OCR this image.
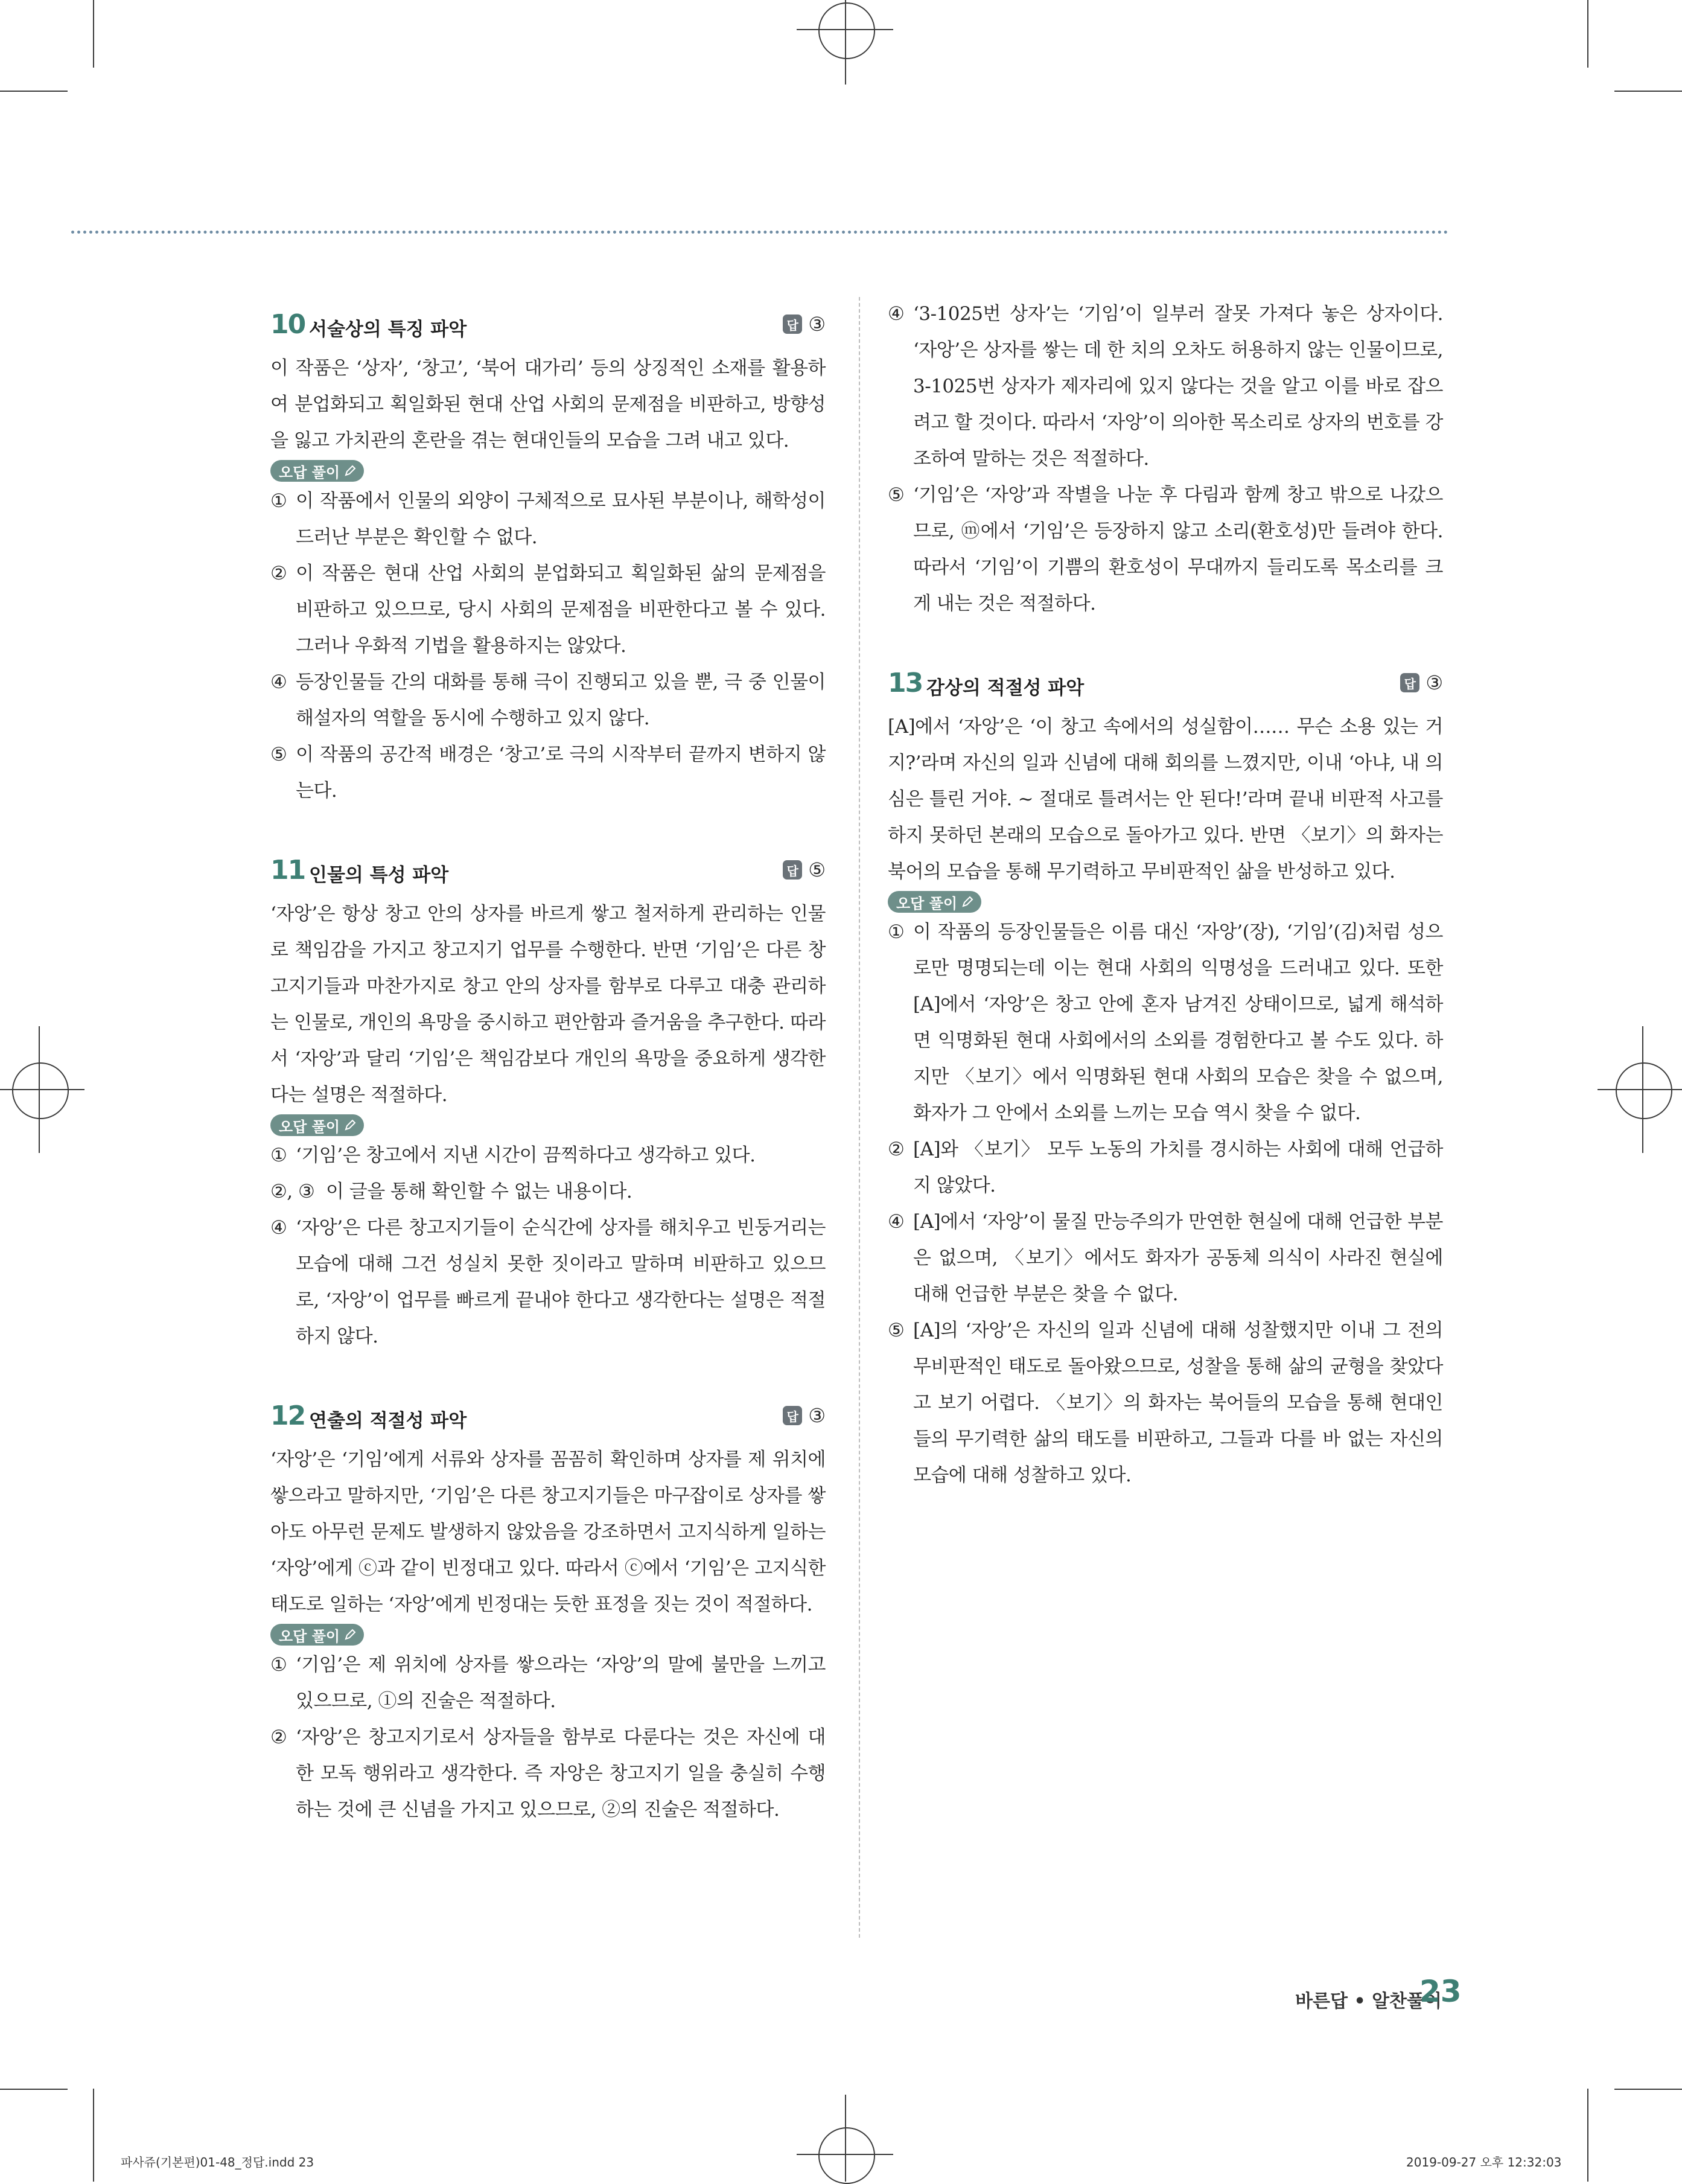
10 서술상의 특징 파악	답 ③

이 작품은 ‘상자’, ‘창고’, ‘북어 대가리’ 등의 상징적인 소재를 활용하여 분업화되고 획일화된 현대 산업 사회의 문제점을 비판하고, 방향성을 잃고 가치관의 혼란을 겪는 현대인들의 모습을 그려 내고 있다.

오답 풀이
① 이 작품에서 인물의 외양이 구체적으로 묘사된 부분이나, 해학성이 드러난 부분은 확인할 수 없다.
② 이 작품은 현대 산업 사회의 분업화되고 획일화된 삶의 문제점을 비판하고 있으므로, 당시 사회의 문제점을 비판한다고 볼 수 있다. 그러나 우화적 기법을 활용하지는 않았다.
④ 등장인물들 간의 대화를 통해 극이 진행되고 있을 뿐, 극 중 인물이 해설자의 역할을 동시에 수행하고 있지 않다.
⑤ 이 작품의 공간적 배경은 ‘창고’로 극의 시작부터 끝까지 변하지 않는다.
11 인물의 특성 파악	답 ⑤

‘자앙’은 항상 창고 안의 상자를 바르게 쌓고 철저하게 관리하는 인물로 책임감을 가지고 창고지기 업무를 수행한다. 반면 ‘기임’은 다른 창고지기들과 마찬가지로 창고 안의 상자를 함부로 다루고 대충 관리하는 인물로, 개인의 욕망을 중시하고 편안함과 즐거움을 추구한다. 따라서 ‘자앙’과 달리 ‘기임’은 책임감보다 개인의 욕망을 중요하게 생각한다는 설명은 적절하다.

오답 풀이
① ‘기임’은 창고에서 지낸 시간이 끔찍하다고 생각하고 있다.
②, ③ 이 글을 통해 확인할 수 없는 내용이다.
④ ‘자앙’은 다른 창고지기들이 순식간에 상자를 해치우고 빈둥거리는 모습에 대해 그건 성실치 못한 짓이라고 말하며 비판하고 있으므로, ‘자앙’이 업무를 빠르게 끝내야 한다고 생각한다는 설명은 적절하지 않다.
12 연출의 적절성 파악	답 ③

‘자앙’은 ‘기임’에게 서류와 상자를 꼼꼼히 확인하며 상자를 제 위치에 쌓으라고 말하지만, ‘기임’은 다른 창고지기들은 마구잡이로 상자를 쌓아도 아무런 문제도 발생하지 않았음을 강조하면서 고지식하게 일하는 ‘자앙’에게 ⓒ과 같이 빈정대고 있다. 따라서 ⓒ에서 ‘기임’은 고지식한 태도로 일하는 ‘자앙’에게 빈정대는 듯한 표정을 짓는 것이 적절하다.

오답 풀이
① ‘기임’은 제 위치에 상자를 쌓으라는 ‘자앙’의 말에 불만을 느끼고 있으므로, ①의 진술은 적절하다.
② ‘자앙’은 창고지기로서 상자들을 함부로 다룬다는 것은 자신에 대한 모독 행위라고 생각한다. 즉 자앙은 창고지기 일을 충실히 수행하는 것에 큰 신념을 가지고 있으므로, ②의 진술은 적절하다.
④ ‘3-1025번 상자’는 ‘기임’이 일부러 잘못 가져다 놓은 상자이다. ‘자앙’은 상자를 쌓는 데 한 치의 오차도 허용하지 않는 인물이므로, 3-1025번 상자가 제자리에 있지 않다는 것을 알고 이를 바로 잡으려고 할 것이다. 따라서 ‘자앙’이 의아한 목소리로 상자의 번호를 강조하여 말하는 것은 적절하다.
⑤ ‘기임’은 ‘자앙’과 작별을 나눈 후 다림과 함께 창고 밖으로 나갔으므로, ⓜ에서 ‘기임’은 등장하지 않고 소리(환호성)만 들려야 한다. 따라서 ‘기임’이 기쁨의 환호성이 무대까지 들리도록 목소리를 크게 내는 것은 적절하다.
13 감상의 적절성 파악	답 ③

[A]에서 ‘자앙’은 ‘이 창고 속에서의 성실함이…… 무슨 소용 있는 거지?’라며 자신의 일과 신념에 대해 회의를 느꼈지만, 이내 ‘아냐, 내 의심은 틀린 거야. ~ 절대로 틀려서는 안 된다!’라며 끝내 비판적 사고를 하지 못하던 본래의 모습으로 돌아가고 있다. 반면 〈보기〉의 화자는 북어의 모습을 통해 무기력하고 무비판적인 삶을 반성하고 있다.

오답 풀이
① 이 작품의 등장인물들은 이름 대신 ‘자앙’(장), ‘기임’(김)처럼 성으로만 명명되는데 이는 현대 사회의 익명성을 드러내고 있다. 또한 [A]에서 ‘자앙’은 창고 안에 혼자 남겨진 상태이므로, 넓게 해석하면 익명화된 현대 사회에서의 소외를 경험한다고 볼 수도 있다. 하지만 〈보기〉에서 익명화된 현대 사회의 모습은 찾을 수 없으며, 화자가 그 안에서 소외를 느끼는 모습 역시 찾을 수 없다.
② [A]와 〈보기〉 모두 노동의 가치를 경시하는 사회에 대해 언급하지 않았다.
④ [A]에서 ‘자앙’이 물질 만능주의가 만연한 현실에 대해 언급한 부분은 없으며, 〈보기〉에서도 화자가 공동체 의식이 사라진 현실에 대해 언급한 부분은 찾을 수 없다.
⑤ [A]의 ‘자앙’은 자신의 일과 신념에 대해 성찰했지만 이내 그 전의 무비판적인 태도로 돌아왔으므로, 성찰을 통해 삶의 균형을 찾았다고 보기 어렵다. 〈보기〉의 화자는 북어들의 모습을 통해 현대인들의 무기력한 삶의 태도를 비판하고, 그들과 다를 바 없는 자신의 모습에 대해 성찰하고 있다.
바른답 • 알찬풀이
23
파사쥬(기본편)01-48_정답.indd 23	2019-09-27 오후 12:32:03
